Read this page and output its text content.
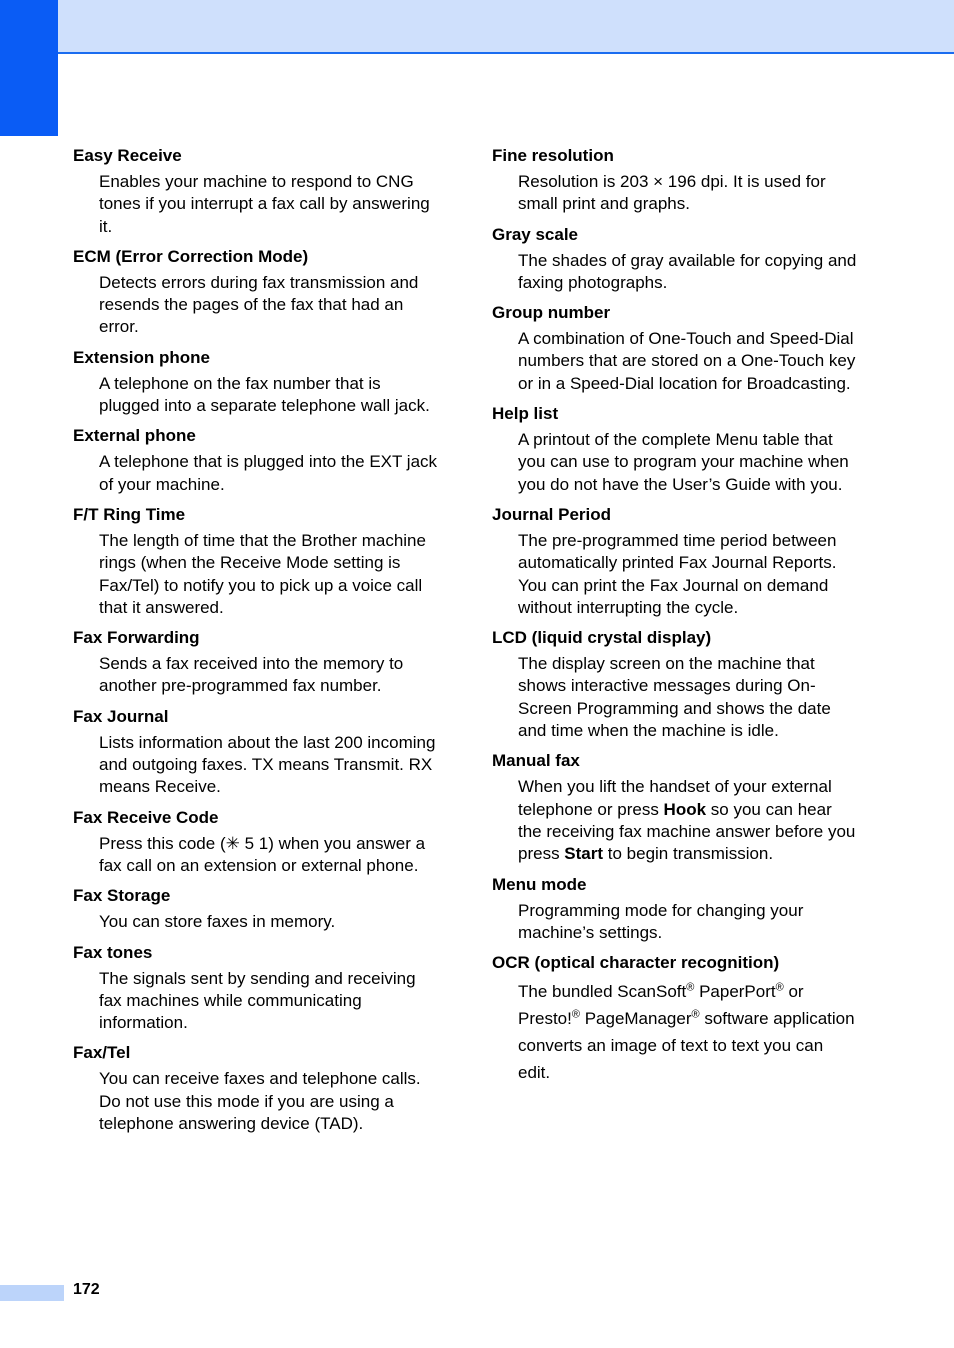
Easy Receive
Enables your machine to respond to CNG tones if you interrupt a fax call by answering it.
ECM (Error Correction Mode)
Detects errors during fax transmission and resends the pages of the fax that had an error.
Extension phone
A telephone on the fax number that is plugged into a separate telephone wall jack.
External phone
A telephone that is plugged into the EXT jack of your machine.
F/T Ring Time
The length of time that the Brother machine rings (when the Receive Mode setting is Fax/Tel) to notify you to pick up a voice call that it answered.
Fax Forwarding
Sends a fax received into the memory to another pre-programmed fax number.
Fax Journal
Lists information about the last 200 incoming and outgoing faxes. TX means Transmit. RX means Receive.
Fax Receive Code
Press this code (✳ 5 1) when you answer a fax call on an extension or external phone.
Fax Storage
You can store faxes in memory.
Fax tones
The signals sent by sending and receiving fax machines while communicating information.
Fax/Tel
You can receive faxes and telephone calls. Do not use this mode if you are using a telephone answering device (TAD).
Fine resolution
Resolution is 203 × 196 dpi. It is used for small print and graphs.
Gray scale
The shades of gray available for copying and faxing photographs.
Group number
A combination of One-Touch and Speed-Dial numbers that are stored on a One-Touch key or in a Speed-Dial location for Broadcasting.
Help list
A printout of the complete Menu table that you can use to program your machine when you do not have the User’s Guide with you.
Journal Period
The pre-programmed time period between automatically printed Fax Journal Reports. You can print the Fax Journal on demand without interrupting the cycle.
LCD (liquid crystal display)
The display screen on the machine that shows interactive messages during On-Screen Programming and shows the date and time when the machine is idle.
Manual fax
When you lift the handset of your external telephone or press Hook so you can hear the receiving fax machine answer before you press Start to begin transmission.
Menu mode
Programming mode for changing your machine’s settings.
OCR (optical character recognition)
The bundled ScanSoft® PaperPort® or Presto!® PageManager® software application converts an image of text to text you can edit.
172
